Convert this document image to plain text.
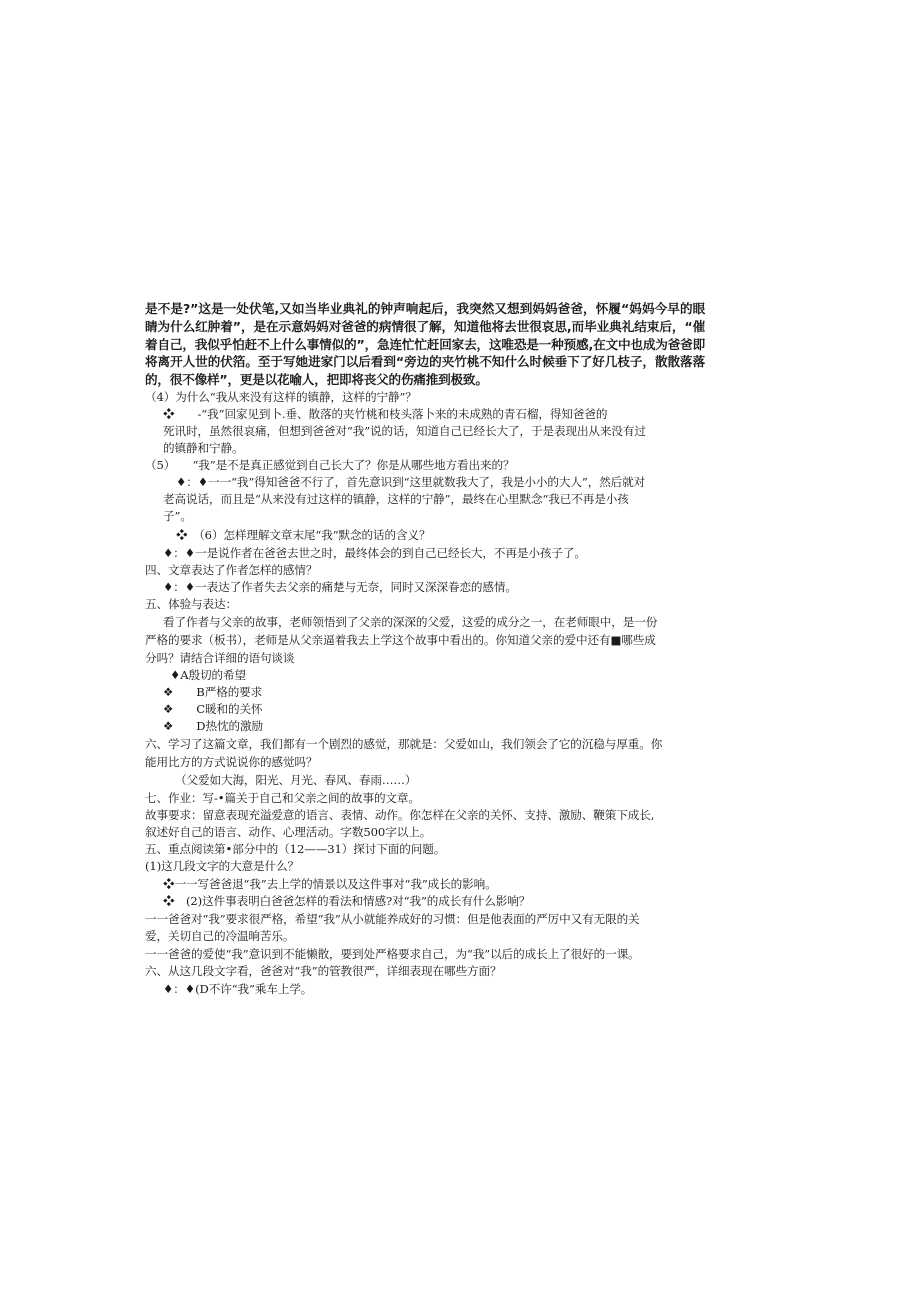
是不是?”这是一处伏笔,又如当毕业典礼的钟声响起后，我突然又想到妈妈爸爸，怀履“妈妈今早的眼睛为什么红肿着”，是在示意妈妈对爸爸的病情很了解，知道他将去世很哀思,而毕业典礼结束后，“催着自己，我似乎怕赶不上什么事情似的”，急连忙忙赶回家去，这唯恐是一种预感,在文中也成为爸爸即将离开人世的伏箔。至于写她进家门以后看到“旁边的夹竹桃不知什么时候垂下了好几枝子，散散落落的，很不像样”，更是以花喻人，把即将丧父的伤痛推到极致。

（4）为什么“我从来没有这样的镇静，这样的宁静”？
❖　　-“我”回家见到卜.垂、散落的夹竹桃和枝头落卜来的未成熟的青石榴，得知爸爸的
死讯时，虽然很哀痛，但想到爸爸对“我”说的话，知道自己已经长大了，于是表现出从来没有过
的镇静和宁静。
（5）　　“我”是不是真正感觉到自己长大了？你是从哪些地方看出来的？
♦：♦一一“我”得知爸爸不行了，首先意识到“这里就数我大了，我是小小的大人”，然后就对
老高说话，而且是“从来没有过这样的镇静，这样的宁静”，最终在心里默念“我已不再是小孩
子”。
❖　（6）怎样理解文章末尾“我”默念的话的含义？
♦：♦一是说作者在爸爸去世之时，最终体会的到自己已经长大，不再是小孩子了。
四、文章表达了作者怎样的感情？
♦：♦一表达了作者失去父亲的痛楚与无奈，同时又深深眷恋的感情。
五、体验与表达：
看了作者与父亲的故事，老师领悟到了父亲的深深的父爱，这爱的成分之一，在老师眼中，是一份
严格的要求（板书），老师是从父亲逼着我去上学这个故事中看出的。你知道父亲的爱中还有■哪些成
分吗？请结合详细的语句谈谈
♦A殷切的希望
❖　　B严格的要求
❖　　C暖和的关怀
❖　　D热忱的激励
六、学习了这篇文章，我们都有一个剧烈的感觉，那就是：父爱如山，我们领会了它的沉稳与厚重。你
能用比方的方式说说你的感觉吗？
（父爱如大海，阳光、月光、春风、春雨……）
七、作业：写-•篇关于自己和父亲之间的故事的文章。
故事要求：留意表现充溢爱意的语言、表情、动作。你怎样在父亲的关怀、支持、激励、鞭策下成长,
叙述好自己的语言、动作、心理活动。字数500字以上。
五、重点阅读第•部分中的（12——31）探讨下面的问题。
(1)这几段文字的大意是什么？
❖一一写爸爸退“我”去上学的情景以及这件事对“我”成长的影响。
❖　(2)这件事表明白爸爸怎样的看法和情感?对“我”的成长有什么影响？
一一爸爸对“我”要求很严格，希望“我”从小就能养成好的习惯：但是他表面的严厉中又有无限的关
爱，关切自己的冷温晌苦乐。
一一爸爸的爱使“我”意识到不能懒散，要到处严格要求自己，为“我”以后的成长上了很好的一课。
六、从这几段文字看，爸爸对“我”的管教很严，详细表现在哪些方面？
♦：♦(D不许“我”乘车上学。
